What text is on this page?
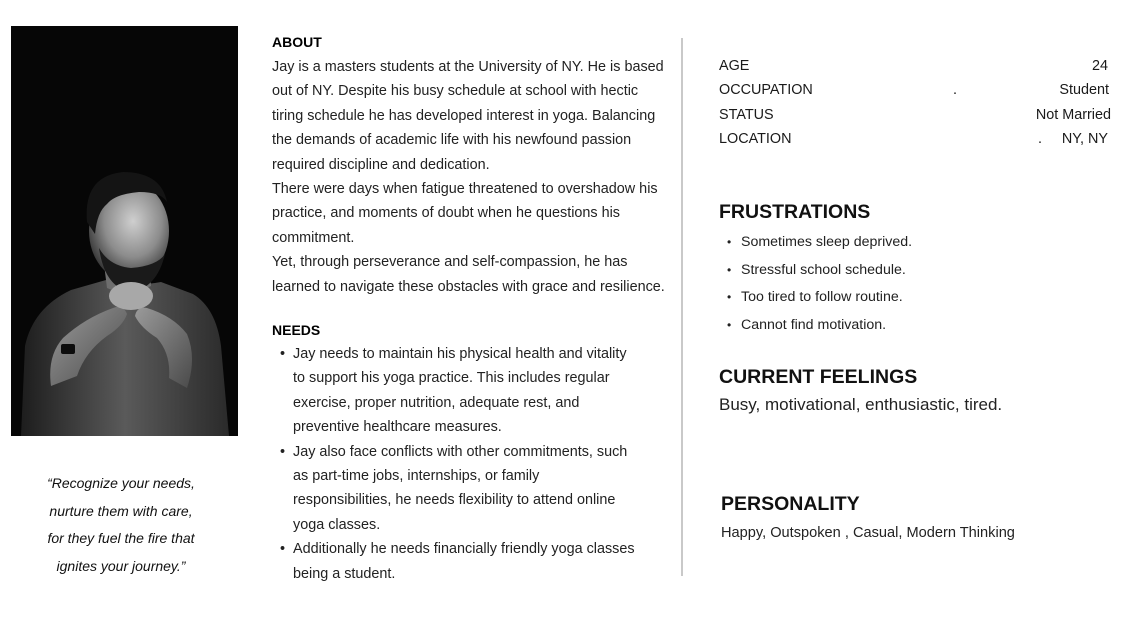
“Recognize your needs,
nurture them with care,
for they fuel the fire that
ignites your journey.”
ABOUT

Jay is a masters students at the University of NY. He is based

out of NY. Despite his busy schedule at school with hectic

tiring schedule he has developed interest in yoga. Balancing

the demands of academic life with his newfound passion

required discipline and dedication.

There were days when fatigue threatened to overshadow his

practice, and moments of doubt when he questions his

commitment.

Yet, through perseverance and self-compassion, he has

learned to navigate these obstacles with grace and resilience.

NEEDS
• Jay needs to maintain his physical health and vitality
to support his yoga practice. This includes regular
exercise, proper nutrition, adequate rest, and
preventive healthcare measures.
• Jay also face conflicts with other commitments, such
as part-time jobs, internships, or family
responsibilities, he needs flexibility to attend online
yoga classes.
• Additionally he needs financially friendly yoga classes
being a student.
AGE	24
OCCUPATION	.	Student
STATUS	Not Married
LOCATION	. NY, NY
FRUSTRATIONS
• Sometimes sleep deprived.
• Stressful school schedule.
• Too tired to follow routine.
• Cannot find motivation.
CURRENT FEELINGS
Busy, motivational, enthusiastic, tired.
PERSONALITY
Happy, Outspoken , Casual, Modern Thinking
